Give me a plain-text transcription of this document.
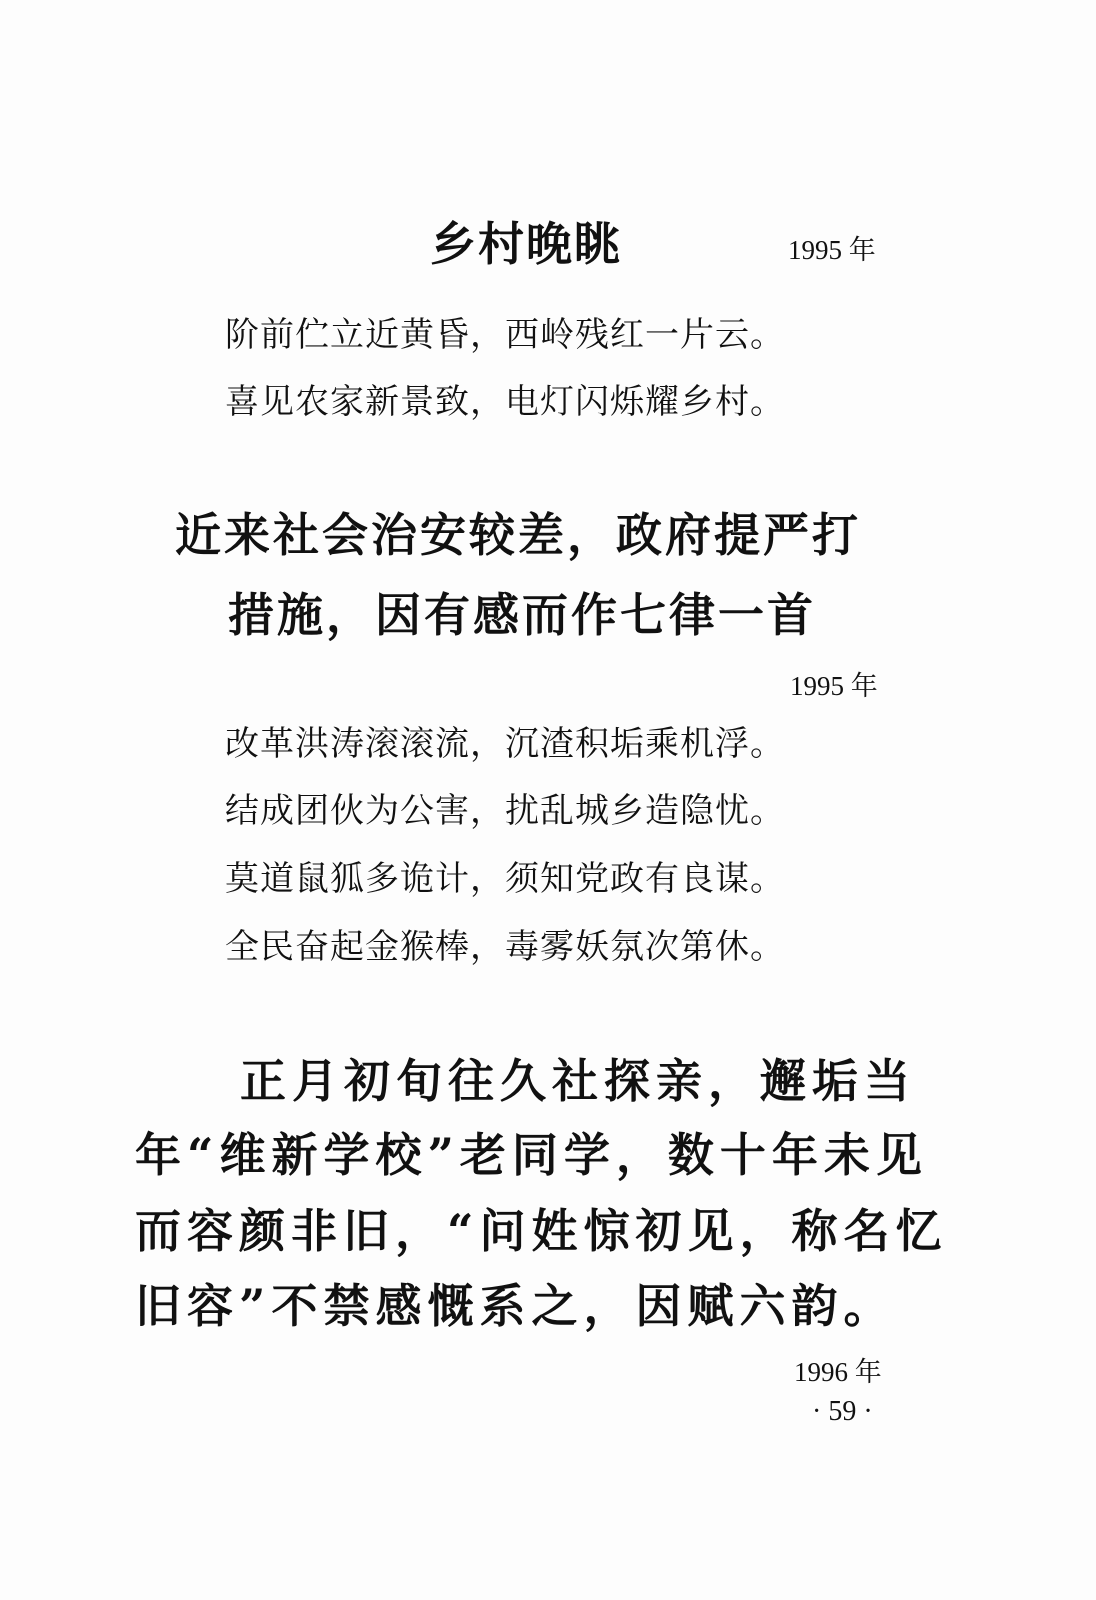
乡村晚眺	1995 年
阶前伫立近黄昏，西岭残红一片云。
喜见农家新景致，电灯闪烁耀乡村。
近来社会治安较差，政府提严打
措施，因有感而作七律一首
1995 年
改革洪涛滚滚流，沉渣积垢乘机浮。
结成团伙为公害，扰乱城乡造隐忧。
莫道鼠狐多诡计，须知党政有良谋。
全民奋起金猴棒，毒雾妖氛次第休。
正月初旬往久社探亲，邂垢当
年“维新学校”老同学，数十年未见
而容颜非旧，“问姓惊初见，称名忆
旧容”不禁感慨系之，因赋六韵。
1996 年
· 59 ·
